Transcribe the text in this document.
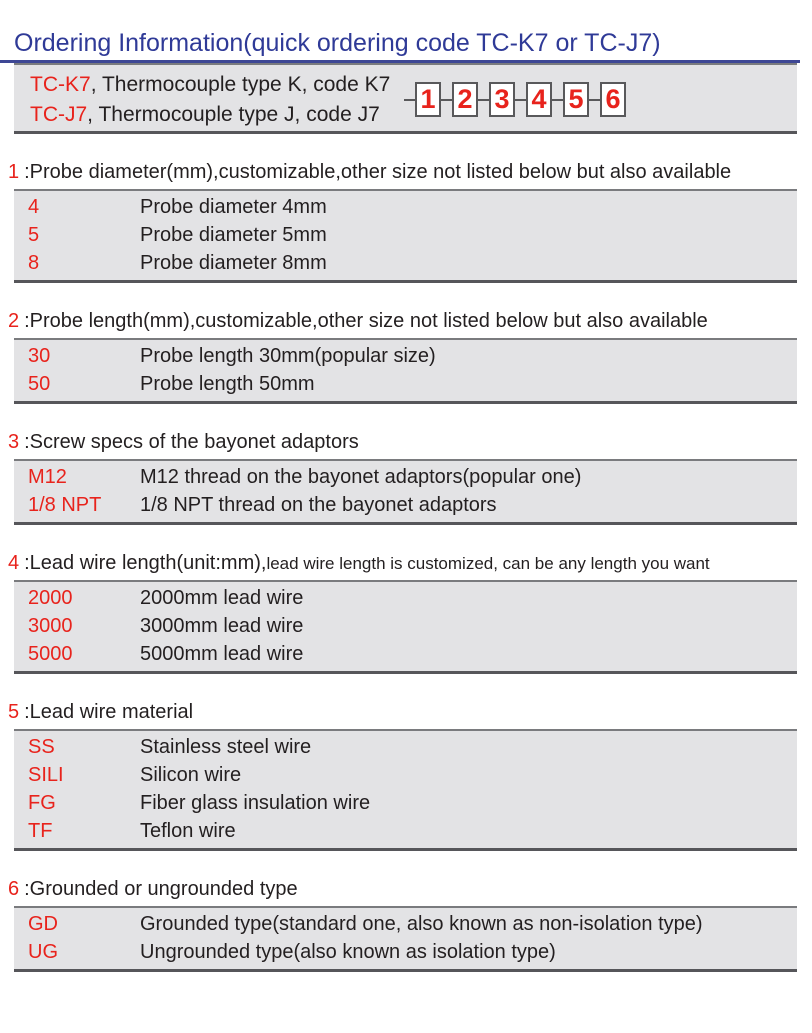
Ordering Information(quick ordering code TC-K7 or TC-J7)
TC-K7, Thermocouple type K, code K7
TC-J7, Thermocouple type J, code J7
1 2 3 4 5 6
1 :Probe diameter(mm),customizable,other size not listed below but also available
4	Probe diameter 4mm
5	Probe diameter 5mm
8	Probe diameter 8mm
2 :Probe length(mm),customizable,other size not listed below but also available
30	Probe length 30mm(popular size)
50	Probe length 50mm
3 :Screw specs of the bayonet adaptors
M12	M12 thread on the bayonet adaptors(popular one)
1/8 NPT	1/8 NPT thread on the bayonet adaptors
4 :Lead wire length(unit:mm),lead wire length is customized, can be any length you want
2000	2000mm lead wire
3000	3000mm lead wire
5000	5000mm lead wire
5 :Lead wire material
SS	Stainless steel wire
SILI	Silicon wire
FG	Fiber glass insulation wire
TF	Teflon wire
6 :Grounded or ungrounded type
GD	Grounded type(standard one, also known as non-isolation type)
UG	Ungrounded type(also known as isolation type)
